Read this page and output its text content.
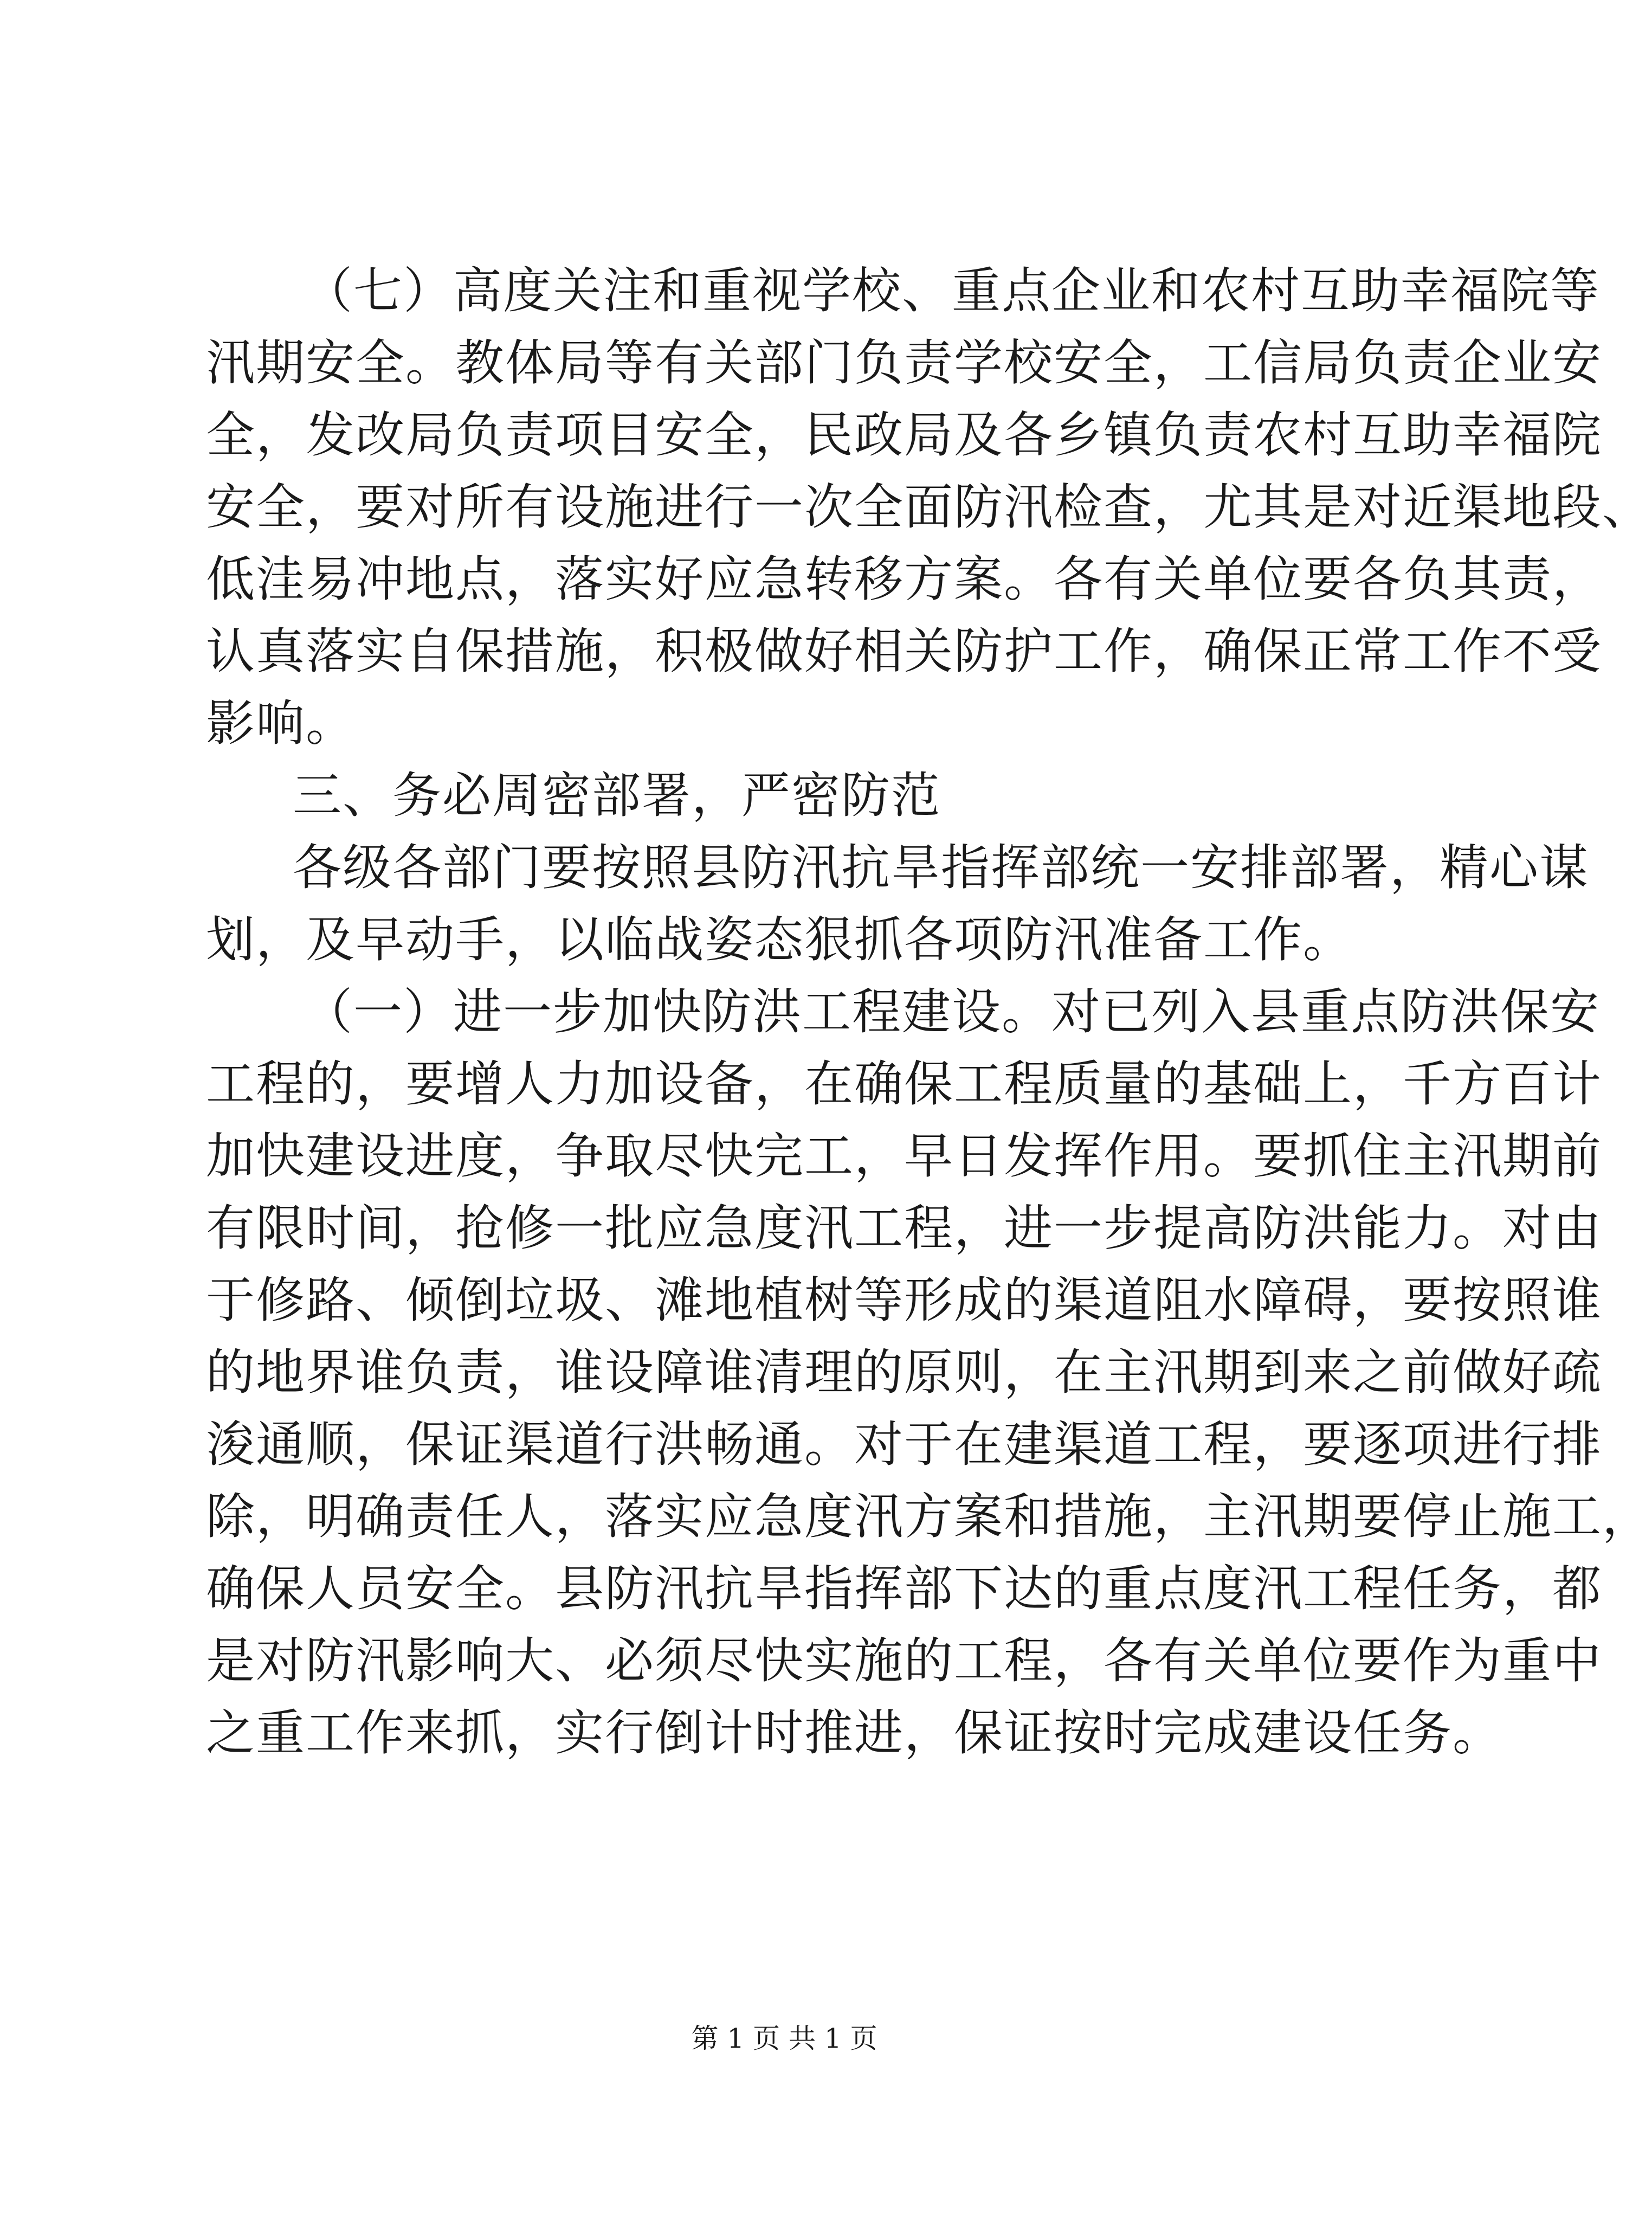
（七）高度关注和重视学校、重点企业和农村互助幸福院等
汛期安全。教体局等有关部门负责学校安全，工信局负责企业安
全，发改局负责项目安全，民政局及各乡镇负责农村互助幸福院
安全，要对所有设施进行一次全面防汛检查，尤其是对近渠地段、
低洼易冲地点，落实好应急转移方案。各有关单位要各负其责，
认真落实自保措施，积极做好相关防护工作，确保正常工作不受
影响。
三、务必周密部署，严密防范
各级各部门要按照县防汛抗旱指挥部统一安排部署，精心谋
划，及早动手，以临战姿态狠抓各项防汛准备工作。
（一）进一步加快防洪工程建设。对已列入县重点防洪保安
工程的，要增人力加设备，在确保工程质量的基础上，千方百计
加快建设进度，争取尽快完工，早日发挥作用。要抓住主汛期前
有限时间，抢修一批应急度汛工程，进一步提高防洪能力。对由
于修路、倾倒垃圾、滩地植树等形成的渠道阻水障碍，要按照谁
的地界谁负责，谁设障谁清理的原则，在主汛期到来之前做好疏
浚通顺，保证渠道行洪畅通。对于在建渠道工程，要逐项进行排
除，明确责任人，落实应急度汛方案和措施，主汛期要停止施工，
确保人员安全。县防汛抗旱指挥部下达的重点度汛工程任务，都
是对防汛影响大、必须尽快实施的工程，各有关单位要作为重中
之重工作来抓，实行倒计时推进，保证按时完成建设任务。
第 1 页 共 1 页
